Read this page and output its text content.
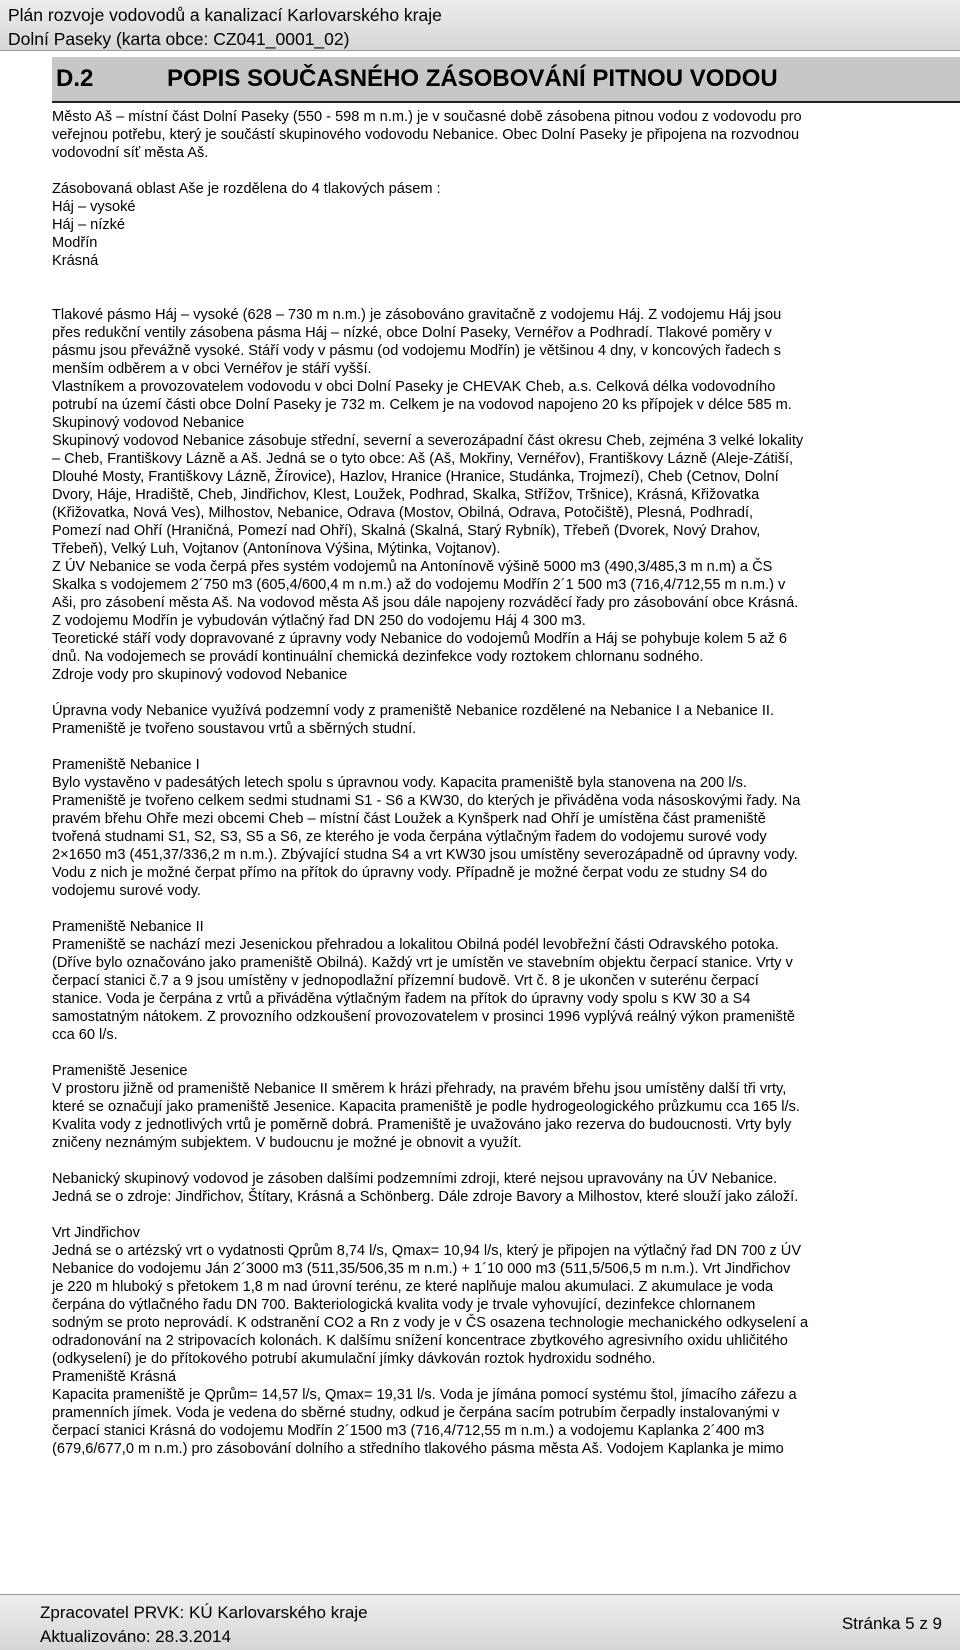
Plán rozvoje vodovodů a kanalizací Karlovarského kraje
Dolní Paseky (karta obce: CZ041_0001_02)
D.2	POPIS SOUČASNÉHO ZÁSOBOVÁNÍ PITNOU VODOU

Město Aš – místní část Dolní Paseky (550 - 598 m n.m.) je v současné době zásobena pitnou vodou z vodovodu pro

veřejnou potřebu, který je součástí skupinového vodovodu Nebanice. Obec Dolní Paseky je připojena na rozvodnou

vodovodní síť města Aš.

Zásobovaná oblast Aše je rozdělena do 4 tlakových pásem :

Háj – vysoké

Háj – nízké

Modřín

Krásná

Tlakové pásmo Háj – vysoké (628 – 730 m n.m.) je zásobováno gravitačně z vodojemu Háj. Z vodojemu Háj jsou

přes redukční ventily zásobena pásma Háj – nízké, obce Dolní Paseky, Vernéřov a Podhradí. Tlakové poměry v

pásmu jsou převážně vysoké. Stáří vody v pásmu (od vodojemu Modřín) je většinou 4 dny, v koncových řadech s

menším odběrem a v obci Vernéřov je stáří vyšší.

Vlastníkem a provozovatelem vodovodu v obci Dolní Paseky je CHEVAK Cheb, a.s. Celková délka vodovodního

potrubí na území části obce Dolní Paseky je 732 m. Celkem je na vodovod napojeno 20 ks přípojek v délce 585 m.

Skupinový vodovod Nebanice

Skupinový vodovod Nebanice zásobuje střední, severní a severozápadní část okresu Cheb, zejména 3 velké lokality

– Cheb, Františkovy Lázně a Aš. Jedná se o tyto obce: Aš (Aš, Mokřiny, Vernéřov), Františkovy Lázně (Aleje-Zátiší,

Dlouhé Mosty, Františkovy Lázně, Žírovice), Hazlov, Hranice (Hranice, Studánka, Trojmezí), Cheb (Cetnov, Dolní

Dvory, Háje, Hradiště, Cheb, Jindřichov, Klest, Loužek, Podhrad, Skalka, Střížov, Tršnice), Krásná, Křižovatka

(Křižovatka, Nová Ves), Milhostov, Nebanice, Odrava (Mostov, Obilná, Odrava, Potočiště), Plesná, Podhradí,

Pomezí nad Ohří (Hraničná, Pomezí nad Ohří), Skalná (Skalná, Starý Rybník), Třebeň (Dvorek, Nový Drahov,

Třebeň), Velký Luh, Vojtanov (Antonínova Výšina, Mýtinka, Vojtanov).

Z ÚV Nebanice se voda čerpá přes systém vodojemů na Antonínově výšině 5000 m3 (490,3/485,3 m n.m) a ČS

Skalka s vodojemem 2´750 m3 (605,4/600,4 m n.m.) až do vodojemu Modřín 2´1 500 m3 (716,4/712,55 m n.m.) v

Aši, pro zásobení města Aš. Na vodovod města Aš jsou dále napojeny rozváděcí řady pro zásobování obce Krásná.

Z vodojemu Modřín je vybudován výtlačný řad DN 250 do vodojemu Háj 4 300 m3.

Teoretické stáří vody dopravované z úpravny vody Nebanice do vodojemů Modřín a Háj se pohybuje kolem 5 až 6

dnů. Na vodojemech se provádí kontinuální chemická dezinfekce vody roztokem chlornanu sodného.

Zdroje vody pro skupinový vodovod Nebanice

Úpravna vody Nebanice využívá podzemní vody z prameniště Nebanice rozdělené na Nebanice I a Nebanice II.

Prameniště je tvořeno soustavou vrtů a sběrných studní.

Prameniště Nebanice I

Bylo vystavěno v padesátých letech spolu s úpravnou vody. Kapacita prameniště byla stanovena na 200 l/s.

Prameniště je tvořeno celkem sedmi studnami S1 - S6 a KW30, do kterých je přiváděna voda násoskovými řady. Na

pravém břehu Ohře mezi obcemi Cheb – místní část Loužek a Kynšperk nad Ohří je umístěna část prameniště

tvořená studnami S1, S2, S3, S5 a S6, ze kterého je voda čerpána výtlačným řadem do vodojemu surové vody

2×1650 m3 (451,37/336,2 m n.m.). Zbývající studna S4 a vrt KW30 jsou umístěny severozápadně od úpravny vody.

Vodu z nich je možné čerpat přímo na přítok do úpravny vody. Případně je možné čerpat vodu ze studny S4 do

vodojemu surové vody.

Prameniště Nebanice II

Prameniště se nachází mezi Jesenickou přehradou a lokalitou Obilná podél levobřežní části Odravského potoka.

(Dříve bylo označováno jako prameniště Obilná). Každý vrt je umístěn ve stavebním objektu čerpací stanice. Vrty v

čerpací stanici č.7 a 9 jsou umístěny v jednopodlažní přízemní budově. Vrt č. 8 je ukončen v suterénu čerpací

stanice. Voda je čerpána z vrtů a přiváděna výtlačným řadem na přítok do úpravny vody spolu s KW 30 a S4

samostatným nátokem. Z provozního odzkoušení provozovatelem v prosinci 1996 vyplývá reálný výkon prameniště

cca 60 l/s.

Prameniště Jesenice

V prostoru jižně od prameniště Nebanice II směrem k hrázi přehrady, na pravém břehu jsou umístěny další tři vrty,

které se označují jako prameniště Jesenice. Kapacita prameniště je podle hydrogeologického průzkumu cca 165 l/s.

Kvalita vody z jednotlivých vrtů je poměrně dobrá. Prameniště je uvažováno jako rezerva do budoucnosti. Vrty byly

zničeny neznámým subjektem. V budoucnu je možné je obnovit a využít.

Nebanický skupinový vodovod je zásoben dalšími podzemními zdroji, které nejsou upravovány na ÚV Nebanice.

Jedná se o zdroje: Jindřichov, Štítary, Krásná a Schönberg. Dále zdroje Bavory a Milhostov, které slouží jako záloží.

Vrt Jindřichov

Jedná se o artézský vrt o vydatnosti Qprům 8,74 l/s, Qmax= 10,94 l/s, který je připojen na výtlačný řad DN 700 z ÚV

Nebanice do vodojemu Ján 2´3000 m3 (511,35/506,35 m n.m.) + 1´10 000 m3 (511,5/506,5 m n.m.). Vrt Jindřichov

je 220 m hluboký s přetokem 1,8 m nad úrovní terénu, ze které naplňuje malou akumulaci. Z akumulace je voda

čerpána do výtlačného řadu DN 700. Bakteriologická kvalita vody je trvale vyhovující, dezinfekce chlornanem

sodným se proto neprovádí. K odstranění CO2 a Rn z vody je v ČS osazena technologie mechanického odkyselení a

odradonování na 2 stripovacích kolonách. K dalšímu snížení koncentrace zbytkového agresivního oxidu uhličitého

(odkyselení) je do přítokového potrubí akumulační jímky dávkován roztok hydroxidu sodného.

Prameniště Krásná

Kapacita prameniště je Qprům= 14,57 l/s, Qmax= 19,31 l/s. Voda je jímána pomocí systému štol, jímacího zářezu a

pramenních jímek. Voda je vedena do sběrné studny, odkud je čerpána sacím potrubím čerpadly instalovanými v

čerpací stanici Krásná do vodojemu Modřín 2´1500 m3 (716,4/712,55 m n.m.) a vodojemu Kaplanka 2´400 m3

(679,6/677,0 m n.m.) pro zásobování dolního a středního tlakového pásma města Aš. Vodojem Kaplanka je mimo

Zpracovatel PRVK: KÚ Karlovarského kraje
Aktualizováno: 28.3.2014
Stránka 5 z 9
